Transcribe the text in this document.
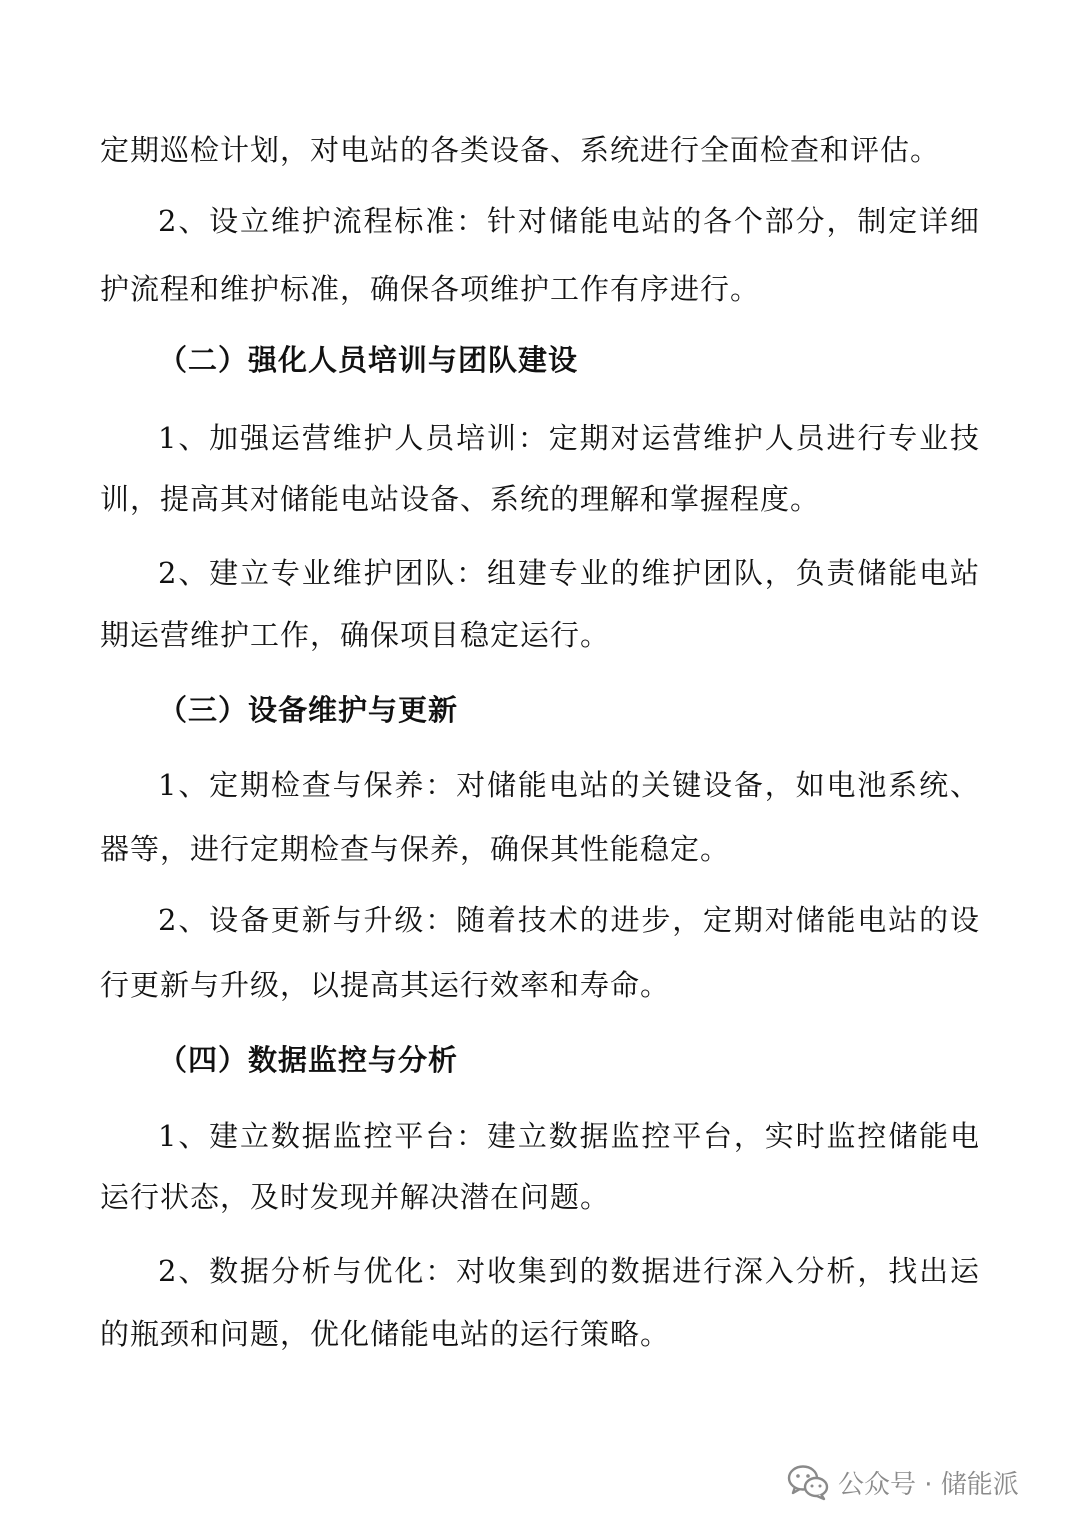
定期巡检计划，对电站的各类设备、系统进行全面检查和评估。
2、设立维护流程标准：针对储能电站的各个部分，制定详细
护流程和维护标准，确保各项维护工作有序进行。
（二）强化人员培训与团队建设
1、加强运营维护人员培训：定期对运营维护人员进行专业技
训，提高其对储能电站设备、系统的理解和掌握程度。
2、建立专业维护团队：组建专业的维护团队，负责储能电站
期运营维护工作，确保项目稳定运行。
（三）设备维护与更新
1、定期检查与保养：对储能电站的关键设备，如电池系统、
器等，进行定期检查与保养，确保其性能稳定。
2、设备更新与升级：随着技术的进步，定期对储能电站的设
行更新与升级，以提高其运行效率和寿命。
（四）数据监控与分析
1、建立数据监控平台：建立数据监控平台，实时监控储能电
运行状态，及时发现并解决潜在问题。
2、数据分析与优化：对收集到的数据进行深入分析，找出运
的瓶颈和问题，优化储能电站的运行策略。
公众号 · 储能派
